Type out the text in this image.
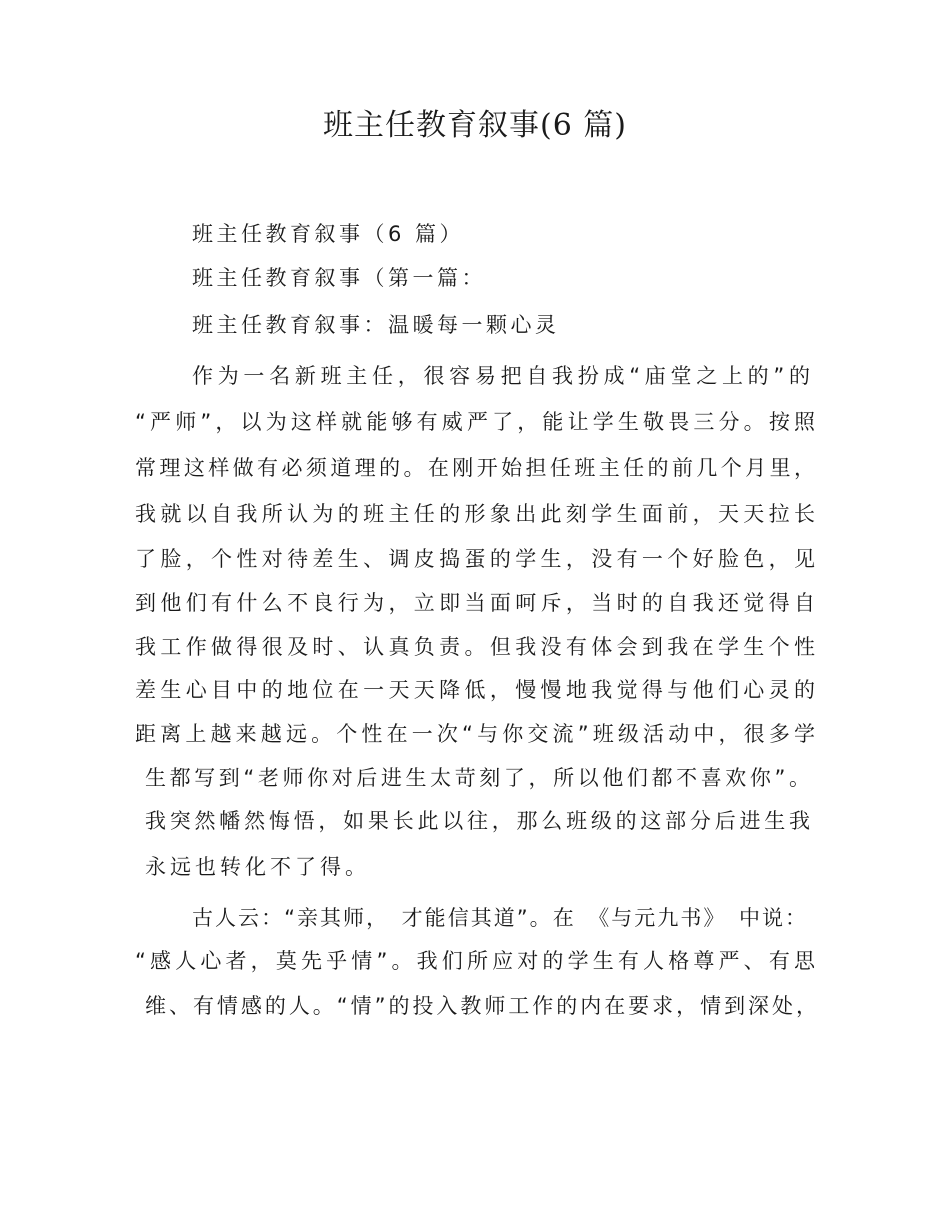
班主任教育叙事(6 篇)
班主任教育叙事（6 篇）
班主任教育叙事（第一篇：
班主任教育叙事：温暖每一颗心灵
作为一名新班主任，很容易把自我扮成“庙堂之上的”的
“严师”，以为这样就能够有威严了，能让学生敬畏三分。按照
常理这样做有必须道理的。在刚开始担任班主任的前几个月里，
我就以自我所认为的班主任的形象出此刻学生面前，天天拉长
了脸，个性对待差生、调皮捣蛋的学生，没有一个好脸色，见
到他们有什么不良行为，立即当面呵斥，当时的自我还觉得自
我工作做得很及时、认真负责。但我没有体会到我在学生个性
差生心目中的地位在一天天降低，慢慢地我觉得与他们心灵的
距离上越来越远。个性在一次“与你交流”班级活动中，很多学
生都写到“老师你对后进生太苛刻了，所以他们都不喜欢你”。
我突然幡然悔悟，如果长此以往，那么班级的这部分后进生我
永远也转化不了得。
古人云：“亲其师，　才能信其道”。在　《与元九书》　中说：
“感人心者，莫先乎情”。我们所应对的学生有人格尊严、有思
维、有情感的人。“情”的投入教师工作的内在要求，情到深处，
